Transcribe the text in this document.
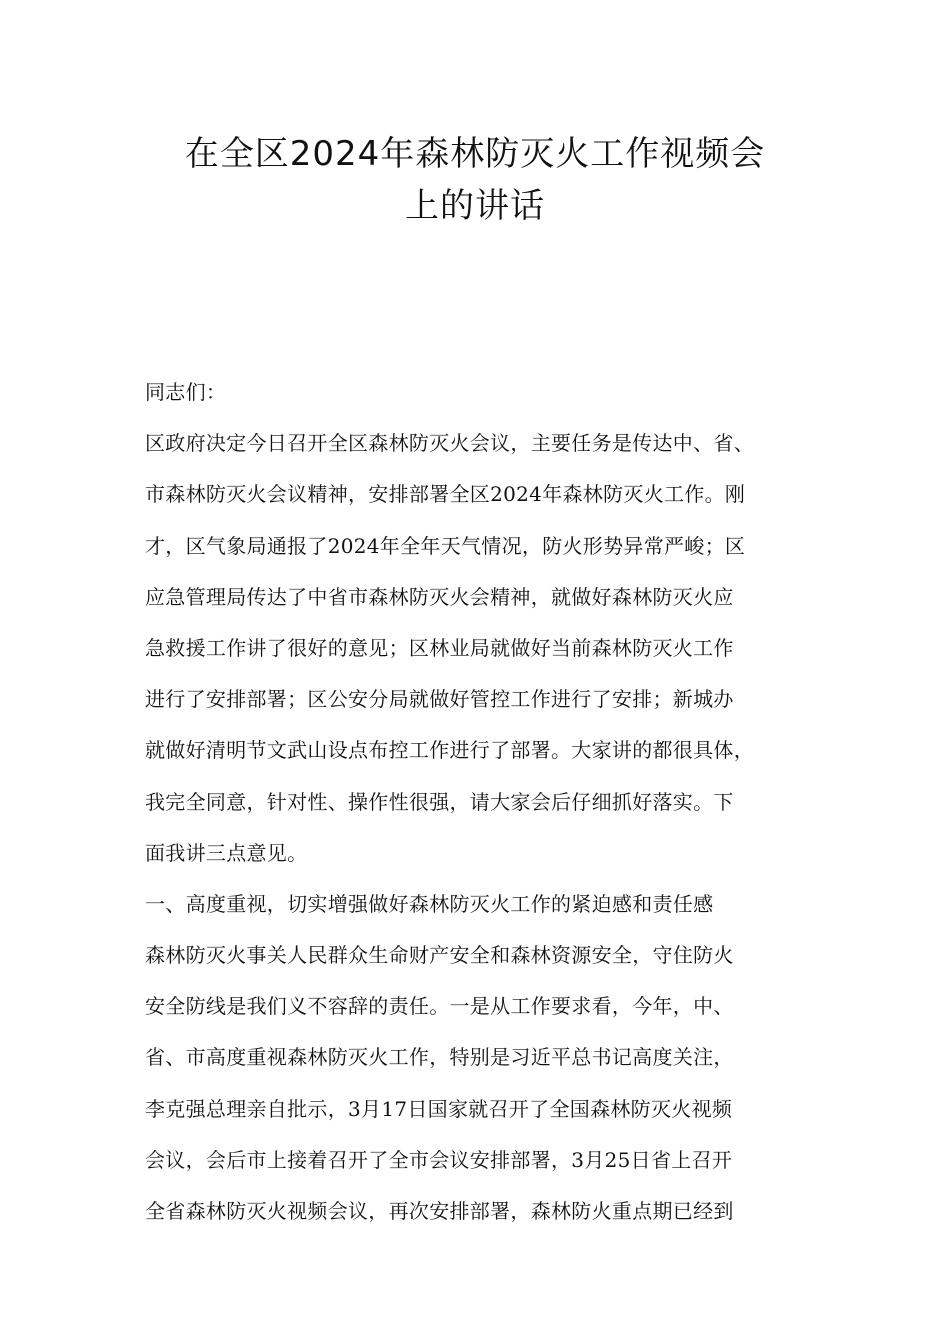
在全区2024年森林防灭火工作视频会
上的讲话
同志们：
区政府决定今日召开全区森林防灭火会议，主要任务是传达中、省、
市森林防灭火会议精神，安排部署全区2024年森林防灭火工作。刚
才，区气象局通报了2024年全年天气情况，防火形势异常严峻；区
应急管理局传达了中省市森林防灭火会精神，就做好森林防灭火应
急救援工作讲了很好的意见；区林业局就做好当前森林防灭火工作
进行了安排部署；区公安分局就做好管控工作进行了安排；新城办
就做好清明节文武山设点布控工作进行了部署。大家讲的都很具体，
我完全同意，针对性、操作性很强，请大家会后仔细抓好落实。下
面我讲三点意见。
一、高度重视，切实增强做好森林防灭火工作的紧迫感和责任感
森林防灭火事关人民群众生命财产安全和森林资源安全，守住防火
安全防线是我们义不容辞的责任。一是从工作要求看，今年，中、
省、市高度重视森林防灭火工作，特别是习近平总书记高度关注，
李克强总理亲自批示，3月17日国家就召开了全国森林防灭火视频
会议，会后市上接着召开了全市会议安排部署，3月25日省上召开
全省森林防灭火视频会议，再次安排部署，森林防火重点期已经到
